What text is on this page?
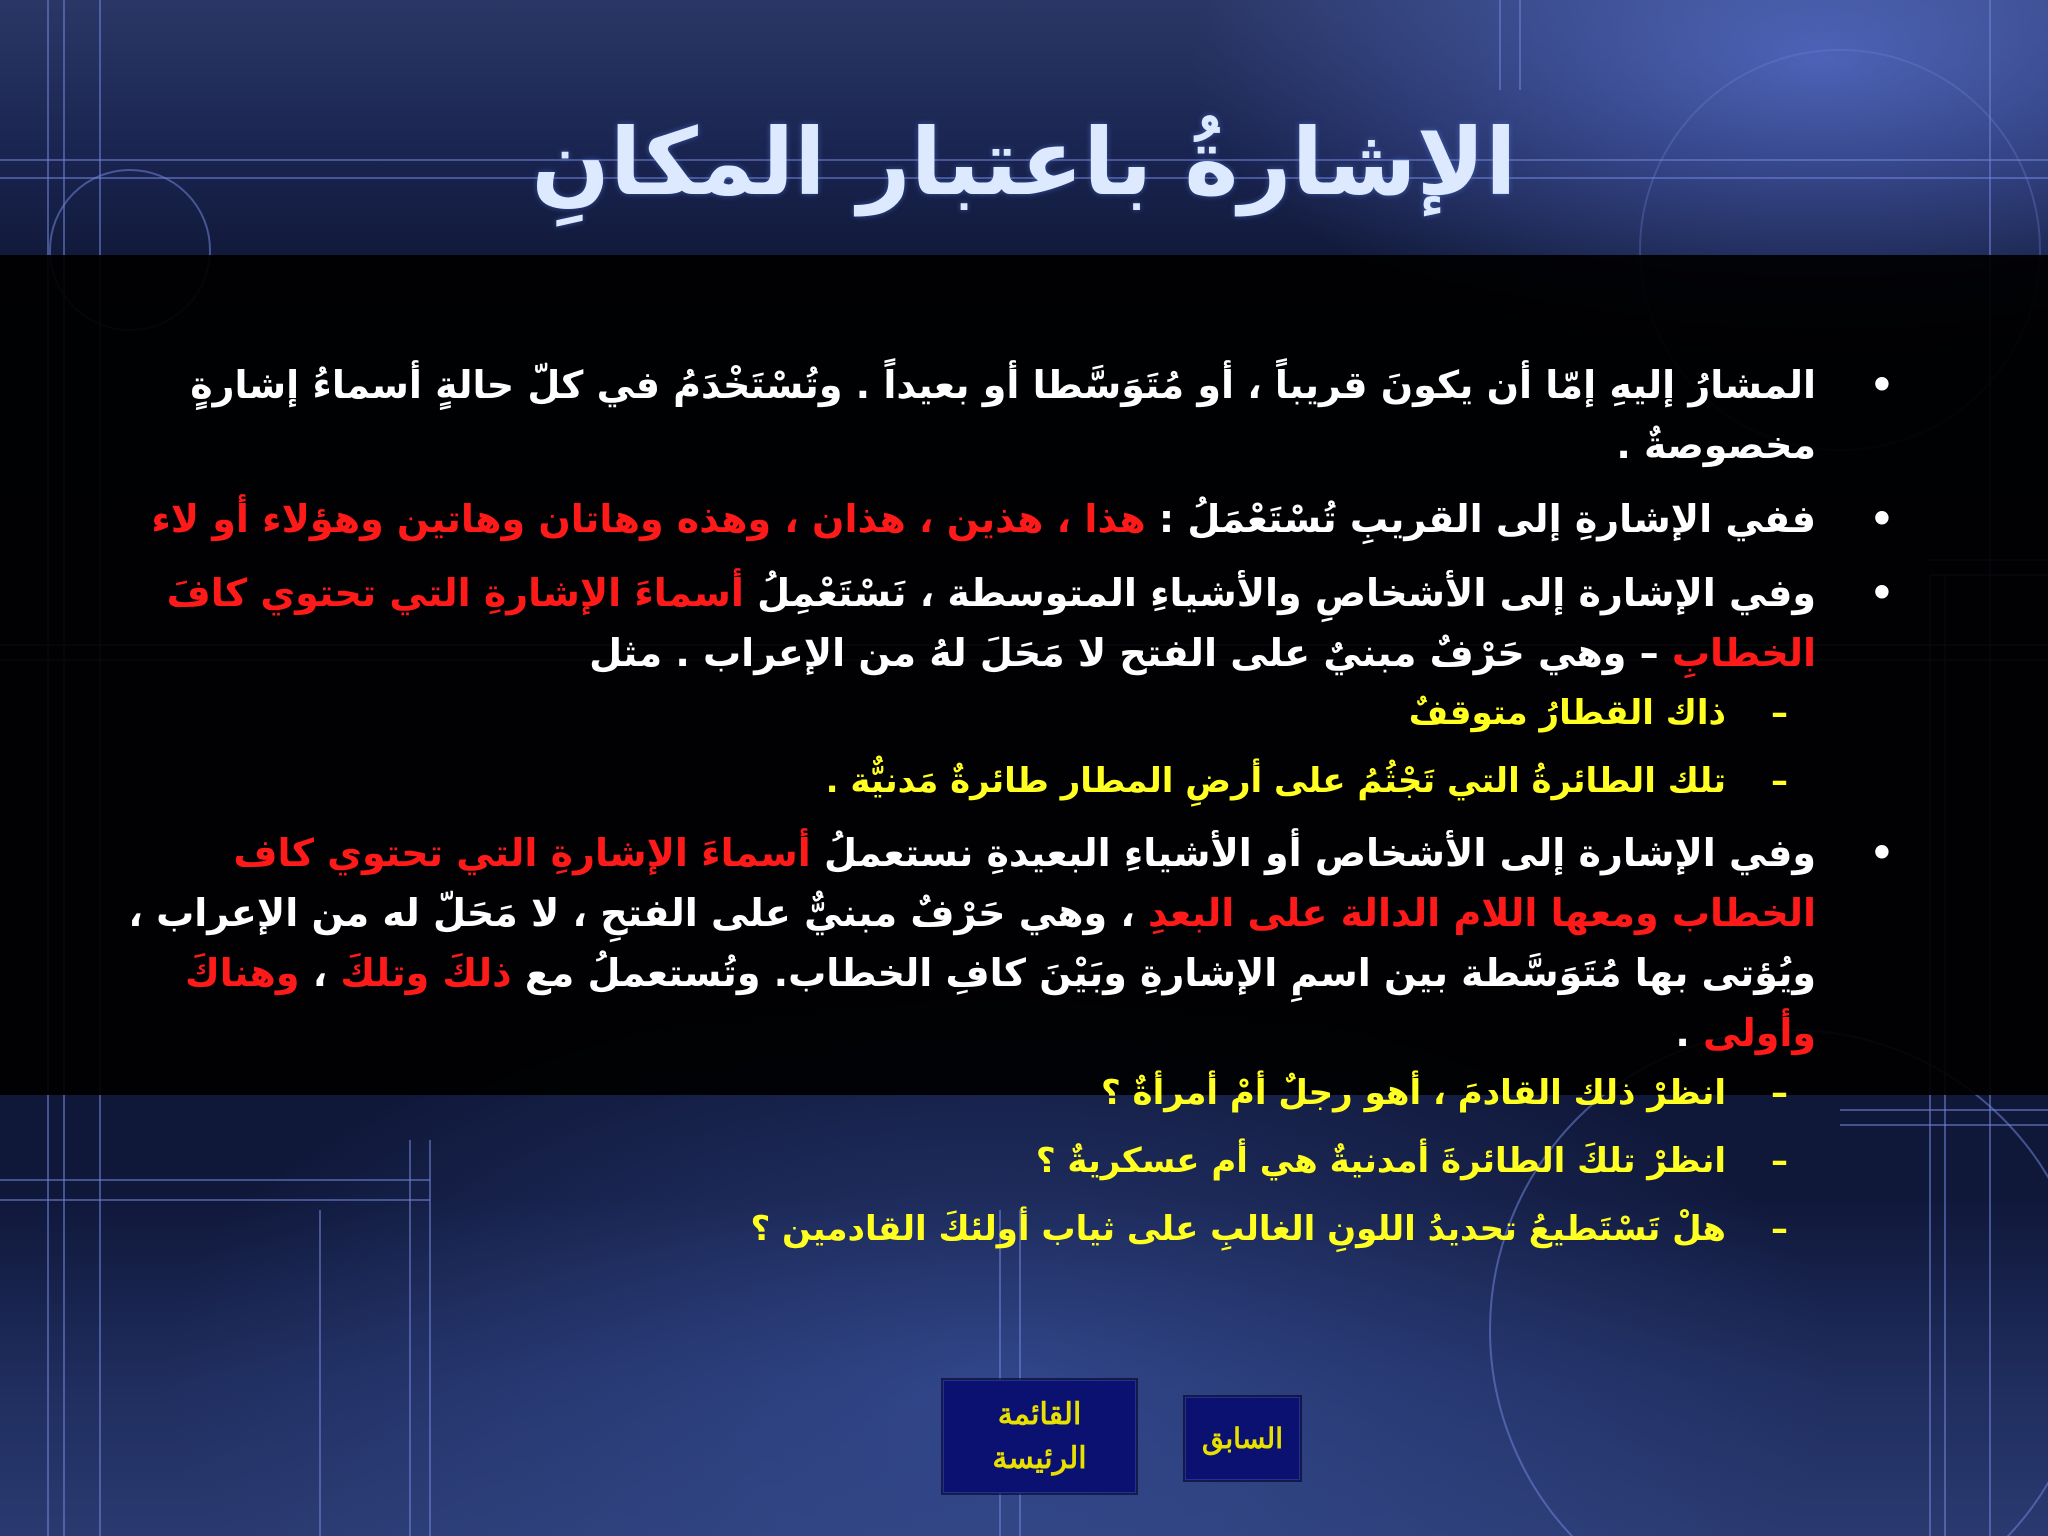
الإشارةُ باعتبار المكانِ
•
المشارُ إليهِ إمّا أن يكونَ قريباً ، أو مُتَوَسَّطا أو بعيداً . وتُسْتَخْدَمُ في كلّ حالةٍ أسماءُ إشارةٍ مخصوصةٌ .
•
ففي الإشارةِ إلى القريبِ تُسْتَعْمَلُ : هذا ، هذين ، هذان ، وهذه وهاتان وهاتين وهؤلاء أو لاء
•
وفي الإشارة إلى الأشخاصِ والأشياءِ المتوسطة ، نَسْتَعْمِلُ أسماءَ الإشارةِ التي تحتوي كافَ الخطابِ – وهي حَرْفٌ مبنيٌ على الفتح لا مَحَلَ لهُ من الإعراب . مثل
–
ذاك القطارُ متوقفٌ
–
تلك الطائرةُ التي تَجْثُمُ على أرضِ المطار طائرةٌ مَدنيٌّة .
•
وفي الإشارة إلى الأشخاص أو الأشياءِ البعيدةِ نستعملُ أسماءَ الإشارةِ التي تحتوي كاف الخطاب ومعها اللام الدالة على البعدِ ، وهي حَرْفٌ مبنيٌّ على الفتحِ ، لا مَحَلّ له من الإعراب ، ويُؤتى بها مُتَوَسَّطة بين اسمِ الإشارةِ وبَيْنَ كافِ الخطاب. وتُستعملُ مع ذلكَ وتلكَ ، وهناكَ وأولى .
–
انظرْ ذلك القادمَ ، أهو رجلٌ أمْ أمرأةٌ ؟
–
انظرْ تلكَ الطائرةَ أمدنيةٌ هي أم عسكريةٌ ؟
–
هلْ تَسْتَطيعُ تحديدُ اللونِ الغالبِ على ثياب أولئكَ القادمين ؟
القائمة
الرئيسة
السابق
